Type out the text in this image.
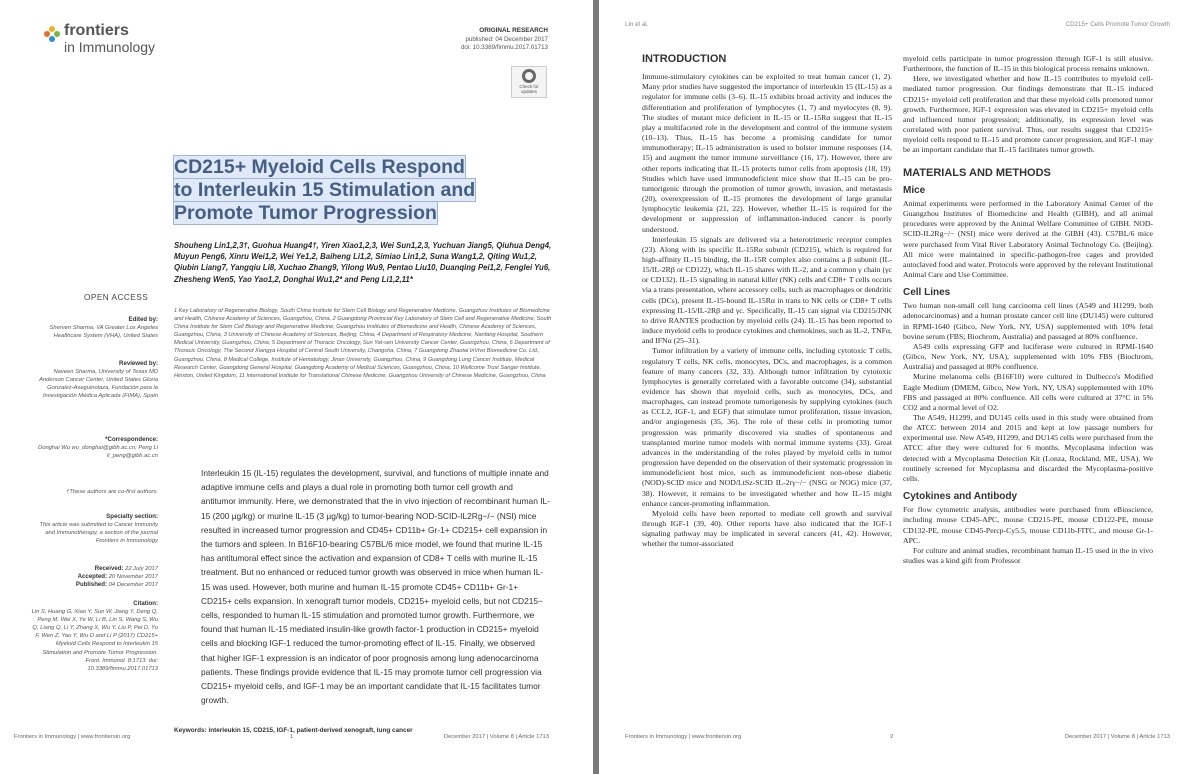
frontiers
in Immunology
ORIGINAL RESEARCH
published: 04 December 2017
doi: 10.3389/fimmu.2017.01713
Check for updates
CD215+ Myeloid Cells Respond
to Interleukin 15 Stimulation and
Promote Tumor Progression
Shouheng Lin1,2,3†, Guohua Huang4†, Yiren Xiao1,2,3, Wei Sun1,2,3, Yuchuan Jiang5, Qiuhua Deng4, Muyun Peng6, Xinru Wei1,2, Wei Ye1,2, Baiheng Li1,2, Simiao Lin1,2, Suna Wang1,2, Qiting Wu1,2, Qiubin Liang7, Yangqiu Li8, Xuchao Zhang9, Yilong Wu9, Pentao Liu10, Duanqing Pei1,2, Fenglei Yu6, Zhesheng Wen5, Yao Yao1,2, Donghai Wu1,2* and Peng Li1,2,11*
1 Key Laboratory of Regenerative Biology, South China Institute for Stem Cell Biology and Regenerative Medicine, Guangzhou Institutes of Biomedicine and Health, Chinese Academy of Sciences, Guangzhou, China, 2 Guangdong Provincial Key Laboratory of Stem Cell and Regenerative Medicine, South China Institute for Stem Cell Biology and Regenerative Medicine, Guangzhou Institutes of Biomedicine and Health, Chinese Academy of Sciences, Guangzhou, China, 3 University of Chinese Academy of Sciences, Beijing, China, 4 Department of Respiratory Medicine, Nanfang Hospital, Southern Medical University, Guangzhou, China, 5 Department of Thoracic Oncology, Sun Yat-sen University Cancer Center, Guangzhou, China, 6 Department of Thoracic Oncology, The Second Xiangya Hospital of Central South University, Changsha, China, 7 Guangdong Zhaotai InVivo Biomedicine Co. Ltd., Guangzhou, China, 8 Medical College, Institute of Hematology, Jinan University, Guangzhou, China, 9 Guangdong Lung Cancer Institute, Medical Research Center, Guangdong General Hospital, Guangdong Academy of Medical Sciences, Guangzhou, China, 10 Wellcome Trust Sanger Institute, Hinxton, United Kingdom, 11 International Institute for Translational Chinese Medicine, Guangzhou University of Chinese Medicine, Guangzhou, China
OPEN ACCESS
Edited by:
Sherven Sharma, VA Greater Los Angeles Healthcare System (VHA), United States
Reviewed by:
Naveen Sharma, University of Texas MD Anderson Cancer Center, United States Gloria Gonzalez-Aseguinolaza, Fundación para la Investigación Médica Aplicada (FIMA), Spain
*Correspondence:
Donghai Wu wu_donghai@gibh.ac.cn; Peng Li li_peng@gibh.ac.cn
†These authors are co-first authors.
Specialty section:
This article was submitted to Cancer Immunity and Immunotherapy, a section of the journal Frontiers in Immunology
Received: 22 July 2017
Accepted: 20 November 2017
Published: 04 December 2017
Citation:
Lin S, Huang G, Xiao Y, Sun W, Jiang Y, Deng Q, Peng M, Wei X, Ye W, Li B, Lin S, Wang S, Wu Q, Liang Q, Li Y, Zhang X, Wu Y, Liu P, Pei D, Yu F, Wen Z, Yao Y, Wu D and Li P (2017) CD215+ Myeloid Cells Respond to Interleukin 15 Stimulation and Promote Tumor Progression. Front. Immunol. 8:1713. doi: 10.3389/fimmu.2017.01713
Interleukin 15 (IL-15) regulates the development, survival, and functions of multiple innate and adaptive immune cells and plays a dual role in promoting both tumor cell growth and antitumor immunity. Here, we demonstrated that the in vivo injection of recombinant human IL-15 (200 μg/kg) or murine IL-15 (3 μg/kg) to tumor-bearing NOD-SCID-IL2Rg−/− (NSI) mice resulted in increased tumor progression and CD45+ CD11b+ Gr-1+ CD215+ cell expansion in the tumors and spleen. In B16F10-bearing C57BL/6 mice model, we found that murine IL-15 has antitumoral effect since the activation and expansion of CD8+ T cells with murine IL-15 treatment. But no enhanced or reduced tumor growth was observed in mice when human IL-15 was used. However, both murine and human IL-15 promote CD45+ CD11b+ Gr-1+ CD215+ cells expansion. In xenograft tumor models, CD215+ myeloid cells, but not CD215− cells, responded to human IL-15 stimulation and promoted tumor growth. Furthermore, we found that human IL-15 mediated insulin-like growth factor-1 production in CD215+ myeloid cells and blocking IGF-1 reduced the tumor-promoting effect of IL-15. Finally, we observed that higher IGF-1 expression is an indicator of poor prognosis among lung adenocarcinoma patients. These findings provide evidence that IL-15 may promote tumor cell progression via CD215+ myeloid cells, and IGF-1 may be an important candidate that IL-15 facilitates tumor growth.
Keywords: interleukin 15, CD215, IGF-1, patient-derived xenograft, lung cancer
Frontiers in Immunology | www.frontiersin.org	1	December 2017 | Volume 8 | Article 1713
Lin et al.	CD215+ Cells Promote Tumor Growth
INTRODUCTION

Immune-stimulatory cytokines can be exploited to treat human cancer (1, 2). Many prior studies have suggested the importance of interleukin 15 (IL-15) as a regulator for immune cells (3–6). IL-15 exhibits broad activity and induces the differentiation and proliferation of lymphocytes (1, 7) and myelocytes (8, 9). The studies of mutant mice deficient in IL-15 or IL-15Rα suggest that IL-15 play a multifaceted role in the development and control of the immune system (10–13). Thus, IL-15 has become a promising candidate for tumor immunotherapy; IL-15 administration is used to bolster immune responses (14, 15) and augment the tumor immune surveillance (16, 17). However, there are other reports indicating that IL-15 protects tumor cells from apoptosis (18, 19). Studies which have used immunodeficient mice show that IL-15 can be pro-tumorigenic through the promotion of tumor growth, invasion, and metastasis (20), overexpression of IL-15 promotes the development of large granular lymphocytic leukemia (21, 22). However, whether IL-15 is required for the development or suppression of inflammation-induced cancer is poorly understood.

Interleukin 15 signals are delivered via a heterotrimeric receptor complex (23). Along with its specific IL-15Rα subunit (CD215), which is required for high-affinity IL-15 binding, the IL-15R complex also contains a β subunit (IL-15/IL-2Rβ or CD122), which IL-15 shares with IL-2, and a common γ chain (γc or CD132). IL-15 signaling in natural killer (NK) cells and CD8+ T cells occurs via a trans presentation, where accessory cells, such as macrophages or dendritic cells (DCs), present IL-15-bound IL-15Rα in trans to NK cells or CD8+ T cells expressing IL-15/IL-2Rβ and γc. Specifically, IL-15 can signal via CD215/JNK to drive RANTES production by myeloid cells (24). IL-15 has been reported to induce myeloid cells to produce cytokines and chemokines, such as IL-2, TNFα, and IFNα (25–31).

Tumor infiltration by a variety of immune cells, including cytotoxic T cells, regulatory T cells, NK cells, monocytes, DCs, and macrophages, is a common feature of many cancers (32, 33). Although tumor infiltration by cytotoxic lymphocytes is generally correlated with a favorable outcome (34), substantial evidence has shown that myeloid cells, such as monocytes, DCs, and macrophages, can instead promote tumorigenesis by supplying cytokines (such as CCL2, IGF-1, and EGF) that stimulate tumor proliferation, tissue invasion, and/or angiogenesis (35, 36). The role of these cells in promoting tumor progression was primarily discovered via studies of spontaneous and transplanted murine tumor models with normal immune systems (33). Great advances in the understanding of the roles played by myeloid cells in tumor progression have depended on the observation of their systematic progression in immunodeficient host mice, such as immunodeficient non-obese diabetic (NOD)-SCID mice and NOD/LtSz-SCID IL-2rγ−/− (NSG or NOG) mice (37, 38). However, it remains to be investigated whether and how IL-15 might enhance cancer-promoting inflammation.

Myeloid cells have been reported to mediate cell growth and survival through IGF-1 (39, 40). Other reports have also indicated that the IGF-1 signaling pathway may be implicated in several cancers (41, 42). However, whether the tumor-associated

myeloid cells participate in tumor progression through IGF-1 is still elusive. Furthermore, the function of IL-15 in this biological process remains unknown.

Here, we investigated whether and how IL-15 contributes to myeloid cell-mediated tumor progression. Our findings demonstrate that IL-15 induced CD215+ myeloid cell proliferation and that these myeloid cells promoted tumor growth. Furthermore, IGF-1 expression was elevated in CD215+ myeloid cells and influenced tumor progression; additionally, its expression level was correlated with poor patient survival. Thus, our results suggest that CD215+ myeloid cells respond to IL-15 and promote cancer progression, and IGF-1 may be an important candidate that IL-15 facilitates tumor growth.

MATERIALS AND METHODS
Mice

Animal experiments were performed in the Laboratory Animal Center of the Guangzhou Institutes of Biomedicine and Health (GIBH), and all animal procedures were approved by the Animal Welfare Committee of GIBH. NOD-SCID-IL2Rg−/− (NSI) mice were derived at the GIBH (43). C57BL/6 mice were purchased from Vital River Laboratory Animal Technology Co. (Beijing). All mice were maintained in specific-pathogen-free cages and provided autoclaved food and water. Protocols were approved by the relevant Institutional Animal Care and Use Committee.

Cell Lines

Two human non-small cell lung carcinoma cell lines (A549 and H1299, both adenocarcinomas) and a human prostate cancer cell line (DU145) were cultured in RPMI-1640 (Gibco, New York, NY, USA) supplemented with 10% fetal bovine serum (FBS; Biochrom, Australia) and passaged at 80% confluence.

A549 cells expressing GFP and luciferase were cultured in RPMI-1640 (Gibco, New York, NY, USA), supplemented with 10% FBS (Biochrom, Australia) and passaged at 80% confluence.

Murine melanoma cells (B16F10) were cultured in Dulbecco's Modified Eagle Medium (DMEM, Gibco, New York, NY, USA) supplemented with 10% FBS and passaged at 80% confluence. All cells were cultured at 37°C in 5% CO2 and a normal level of O2.

The A549, H1299, and DU145 cells used in this study were obtained from the ATCC between 2014 and 2015 and kept at low passage numbers for experimental use. New A549, H1299, and DU145 cells were purchased from the ATCC after they were cultured for 6 months. Mycoplasma infection was detected with a Mycoplasma Detection Kit (Lonza, Rockland, ME, USA). We routinely screened for Mycoplasma and discarded the Mycoplasma-positive cells.

Cytokines and Antibody

For flow cytometric analysis, antibodies were purchased from eBioscience, including mouse CD45-APC, mouse CD215-PE, mouse CD122-PE, mouse CD132-PE, mouse CD45-Percp-Cy5.5, mouse CD11b-FITC, and mouse Gr-1-APC.

For culture and animal studies, recombinant human IL-15 used in the in vivo studies was a kind gift from Professor

Frontiers in Immunology | www.frontiersin.org	2	December 2017 | Volume 8 | Article 1713
